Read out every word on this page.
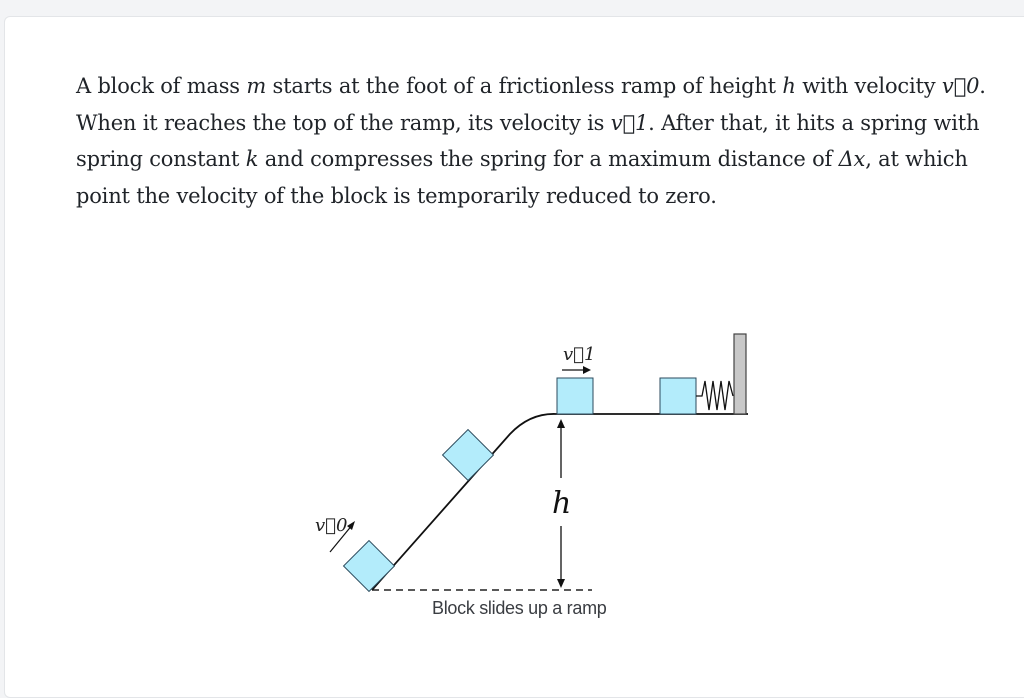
A block of mass m starts at the foot of a frictionless ramp of height h with velocity v⃗0. When it reaches the top of the ramp, its velocity is v⃗1. After that, it hits a spring with spring constant k and compresses the spring for a maximum distance of Δx, at which point the velocity of the block is temporarily reduced to zero.
v⃗0
v⃗1
h
Block slides up a ramp
